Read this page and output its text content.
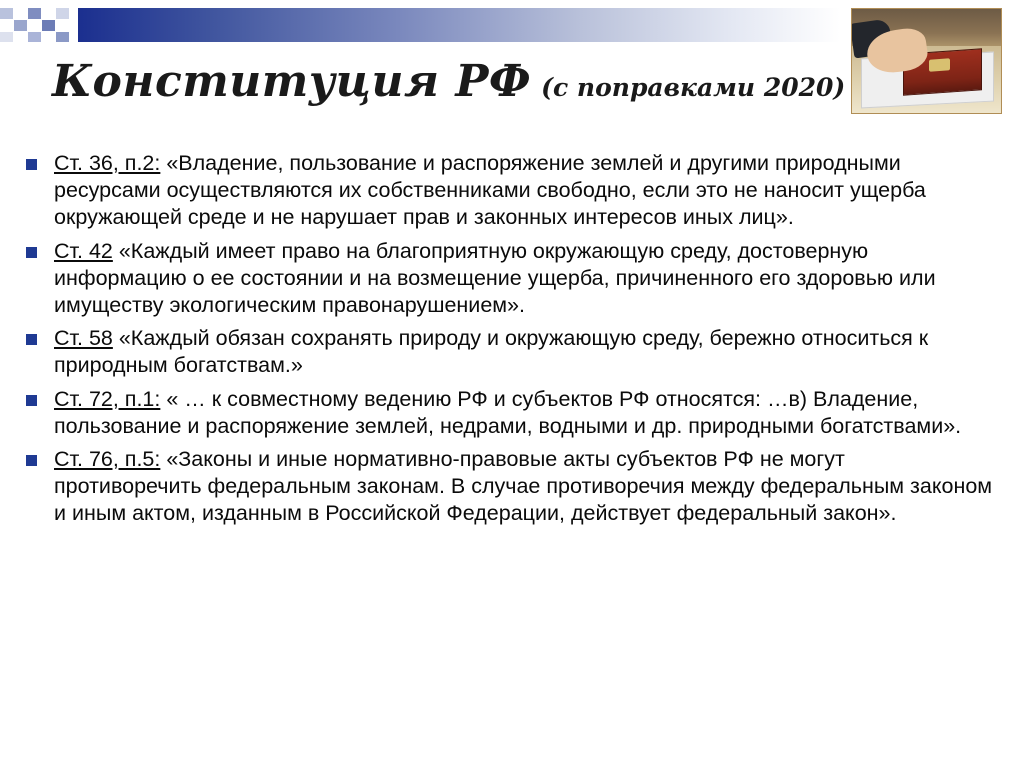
Конституция РФ (с поправками 2020)
Ст. 36, п.2: «Владение, пользование и распоряжение землей и другими природными ресурсами осуществляются их собственниками свободно, если это не наносит ущерба окружающей среде и не нарушает прав и законных интересов иных лиц».
Ст. 42 «Каждый имеет право на благоприятную окружающую среду, достоверную информацию о ее состоянии и на возмещение ущерба, причиненного его здоровью или имуществу экологическим правонарушением».
Ст. 58 «Каждый обязан сохранять природу и окружающую среду, бережно относиться к природным богатствам.»
Ст. 72, п.1: « … к совместному ведению РФ и субъектов РФ относятся: …в) Владение, пользование и распоряжение землей, недрами, водными и др. природными богатствами».
Ст. 76, п.5: «Законы и иные нормативно-правовые акты субъектов РФ не могут противоречить федеральным законам. В случае противоречия между федеральным законом и иным актом, изданным в Российской Федерации, действует федеральный закон».
